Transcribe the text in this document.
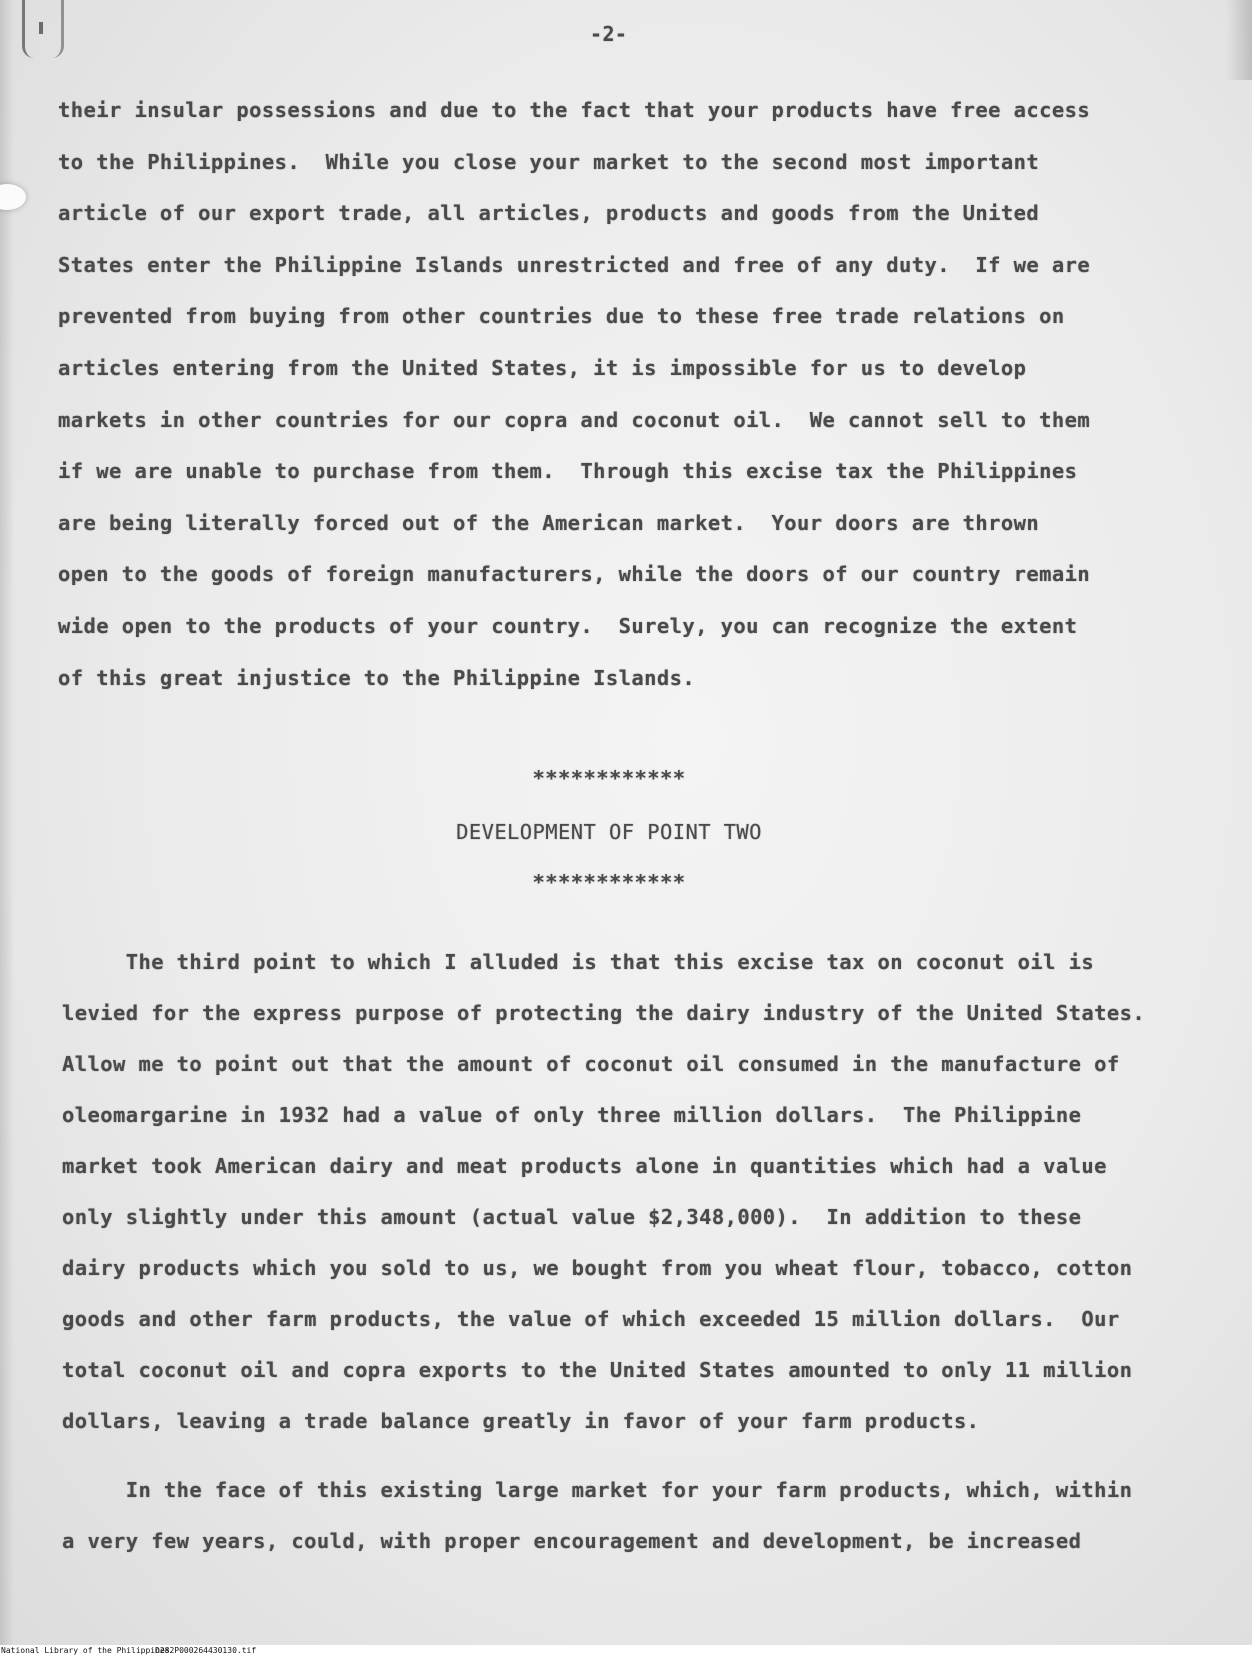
-2-
their insular possessions and due to the fact that your products have free access
to the Philippines.  While you close your market to the second most important
article of our export trade, all articles, products and goods from the United
States enter the Philippine Islands unrestricted and free of any duty.  If we are
prevented from buying from other countries due to these free trade relations on
articles entering from the United States, it is impossible for us to develop
markets in other countries for our copra and coconut oil.  We cannot sell to them
if we are unable to purchase from them.  Through this excise tax the Philippines
are being literally forced out of the American market.  Your doors are thrown
open to the goods of foreign manufacturers, while the doors of our country remain
wide open to the products of your country.  Surely, you can recognize the extent
of this great injustice to the Philippine Islands.
************
DEVELOPMENT OF POINT TWO
************
The third point to which I alluded is that this excise tax on coconut oil is
levied for the express purpose of protecting the dairy industry of the United States.
Allow me to point out that the amount of coconut oil consumed in the manufacture of
oleomargarine in 1932 had a value of only three million dollars.  The Philippine
market took American dairy and meat products alone in quantities which had a value
only slightly under this amount (actual value $2,348,000).  In addition to these
dairy products which you sold to us, we bought from you wheat flour, tobacco, cotton
goods and other farm products, the value of which exceeded 15 million dollars.  Our
total coconut oil and copra exports to the United States amounted to only 11 million
dollars, leaving a trade balance greatly in favor of your farm products.
In the face of this existing large market for your farm products, which, within
a very few years, could, with proper encouragement and development, be increased
National Library of the Philippines
D282P000264430130.tif
